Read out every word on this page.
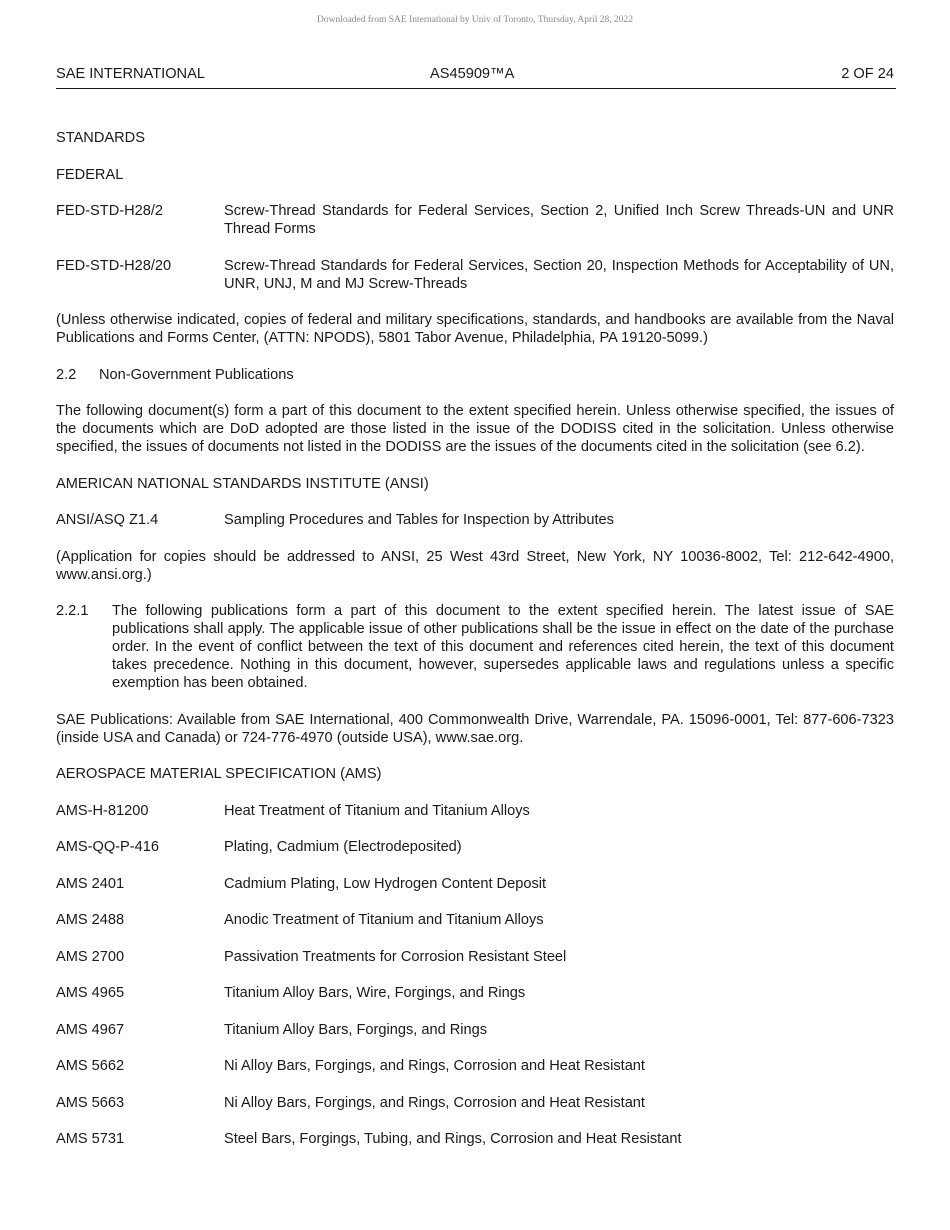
Downloaded from SAE International by Univ of Toronto, Thursday, April 28, 2022
SAE INTERNATIONAL	AS45909™A	2 OF 24

STANDARDS

FEDERAL

FED-STD-H28/2	Screw-Thread Standards for Federal Services, Section 2, Unified Inch Screw Threads-UN and UNR Thread Forms
FED-STD-H28/20	Screw-Thread Standards for Federal Services, Section 20, Inspection Methods for Acceptability of UN, UNR, UNJ, M and MJ Screw-Threads

(Unless otherwise indicated, copies of federal and military specifications, standards, and handbooks are available from the Naval Publications and Forms Center, (ATTN: NPODS), 5801 Tabor Avenue, Philadelphia, PA 19120-5099.)

2.2	Non-Government Publications

The following document(s) form a part of this document to the extent specified herein. Unless otherwise specified, the issues of the documents which are DoD adopted are those listed in the issue of the DODISS cited in the solicitation. Unless otherwise specified, the issues of documents not listed in the DODISS are the issues of the documents cited in the solicitation (see 6.2).

AMERICAN NATIONAL STANDARDS INSTITUTE (ANSI)

ANSI/ASQ Z1.4	Sampling Procedures and Tables for Inspection by Attributes

(Application for copies should be addressed to ANSI, 25 West 43rd Street, New York, NY 10036-8002, Tel: 212-642-4900, www.ansi.org.)

2.2.1	The following publications form a part of this document to the extent specified herein. The latest issue of SAE publications shall apply. The applicable issue of other publications shall be the issue in effect on the date of the purchase order. In the event of conflict between the text of this document and references cited herein, the text of this document takes precedence. Nothing in this document, however, supersedes applicable laws and regulations unless a specific exemption has been obtained.

SAE Publications: Available from SAE International, 400 Commonwealth Drive, Warrendale, PA. 15096-0001, Tel: 877-606-7323 (inside USA and Canada) or 724-776-4970 (outside USA), www.sae.org.

AEROSPACE MATERIAL SPECIFICATION (AMS)

AMS-H-81200	Heat Treatment of Titanium and Titanium Alloys
AMS-QQ-P-416	Plating, Cadmium (Electrodeposited)
AMS 2401	Cadmium Plating, Low Hydrogen Content Deposit
AMS 2488	Anodic Treatment of Titanium and Titanium Alloys
AMS 2700	Passivation Treatments for Corrosion Resistant Steel
AMS 4965	Titanium Alloy Bars, Wire, Forgings, and Rings
AMS 4967	Titanium Alloy Bars, Forgings, and Rings
AMS 5662	Ni Alloy Bars, Forgings, and Rings, Corrosion and Heat Resistant
AMS 5663	Ni Alloy Bars, Forgings, and Rings, Corrosion and Heat Resistant
AMS 5731	Steel Bars, Forgings, Tubing, and Rings, Corrosion and Heat Resistant
